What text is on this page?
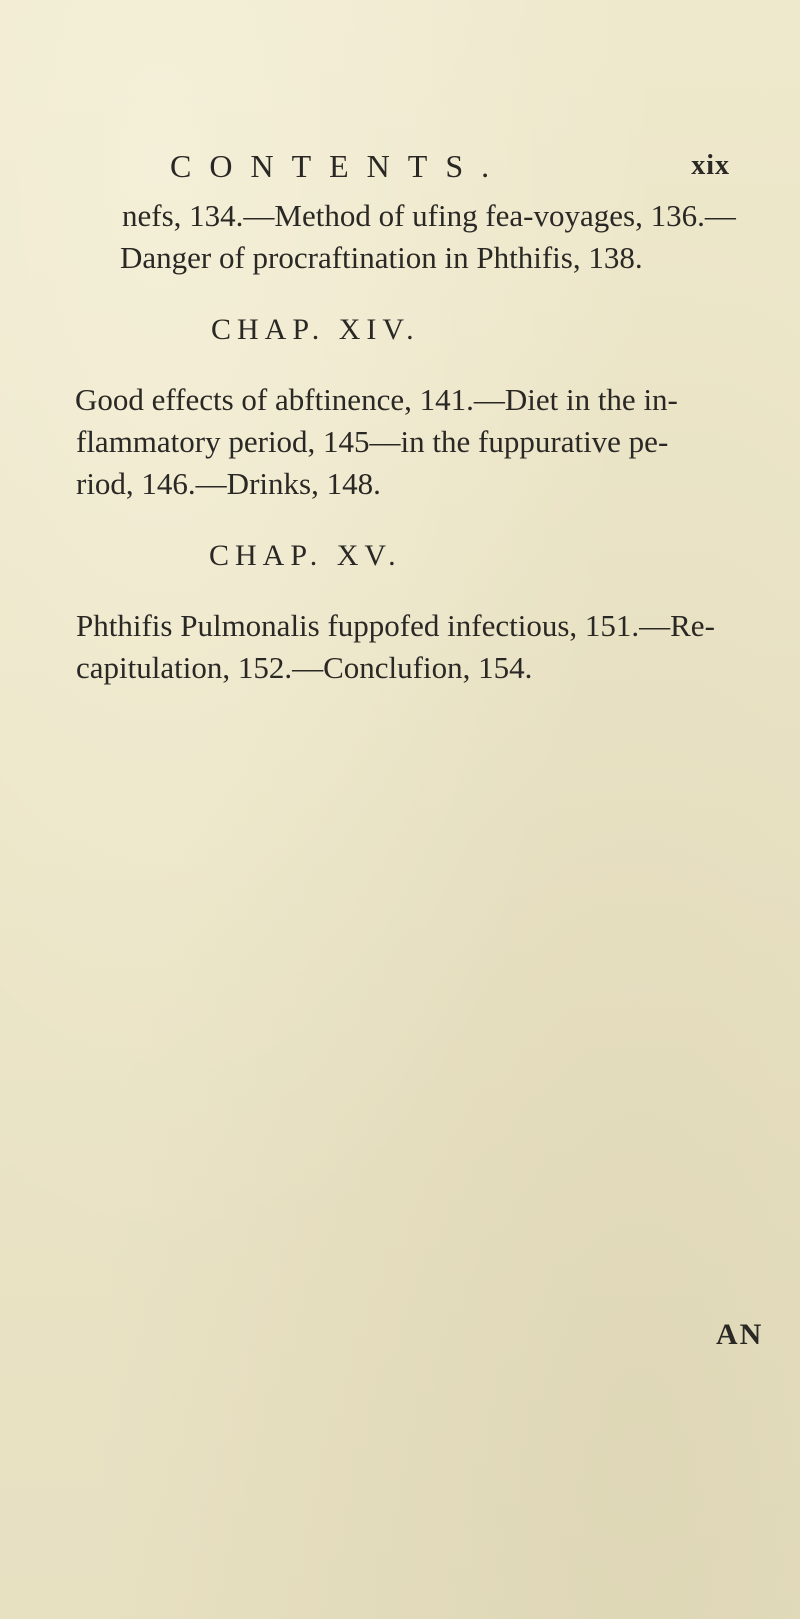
CONTENTS.	xix
nefs, 134.—Method of ufing fea-voyages, 136.—
Danger of procraftination in Phthifis, 138.
CHAP. XIV.
Good effects of abftinence, 141.—Diet in the in-
flammatory period, 145—in the fuppurative pe-
riod, 146.—Drinks, 148.
CHAP. XV.
Phthifis Pulmonalis fuppofed infectious, 151.—Re-
capitulation, 152.—Conclufion, 154.
AN
